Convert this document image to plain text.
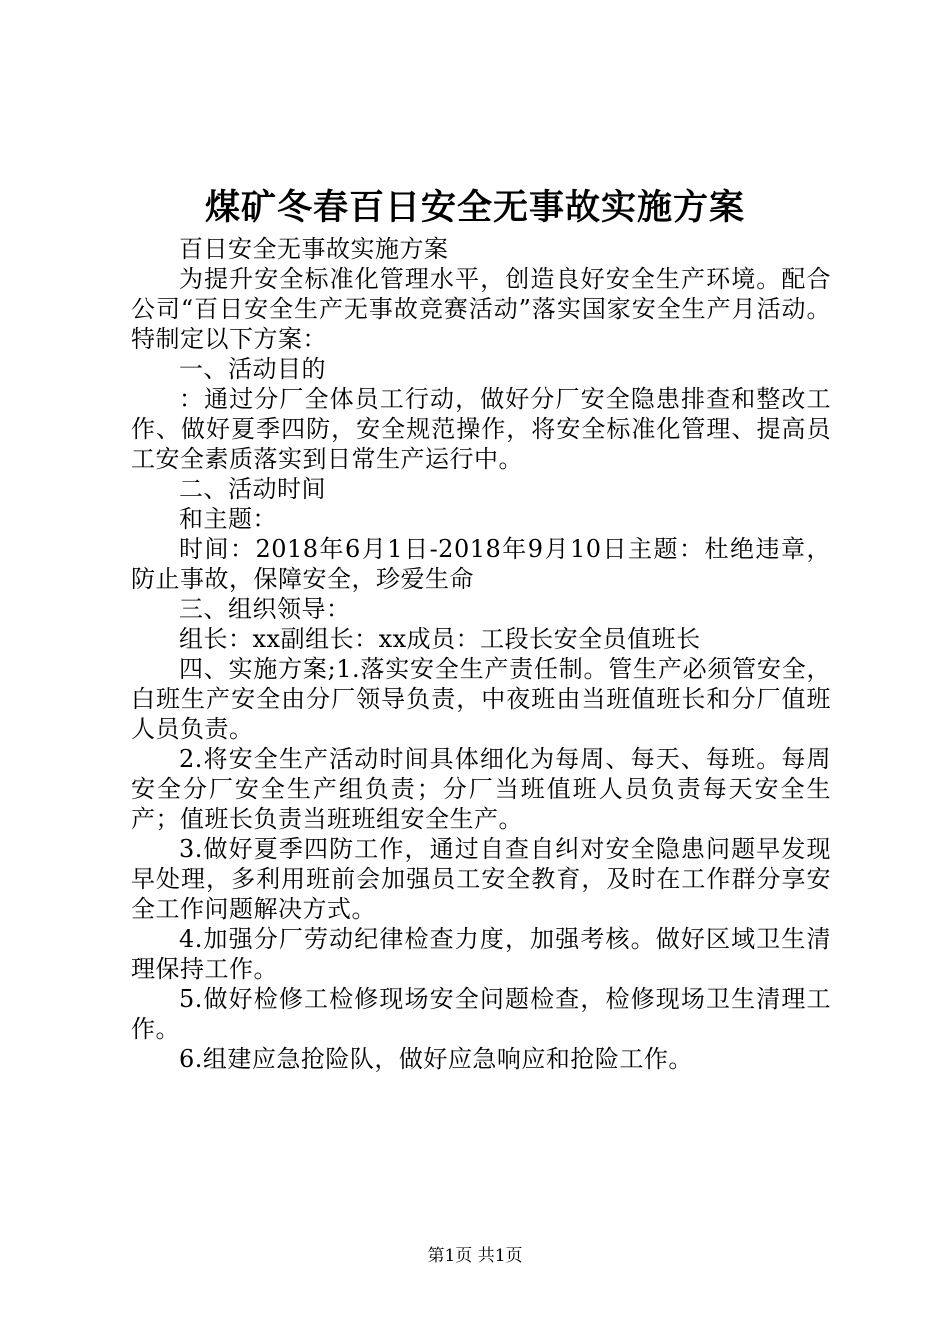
煤矿冬春百日安全无事故实施方案

百日安全无事故实施方案

为提升安全标准化管理水平，创造良好安全生产环境。配合公司“百日安全生产无事故竞赛活动”落实国家安全生产月活动。特制定以下方案：

一、活动目的

：通过分厂全体员工行动，做好分厂安全隐患排查和整改工作、做好夏季四防，安全规范操作，将安全标准化管理、提高员工安全素质落实到日常生产运行中。

二、活动时间

和主题：

时间：2018年6月1日-2018年9月10日主题：杜绝违章，防止事故，保障安全，珍爱生命

三、组织领导：

组长：xx副组长：xx成员：工段长安全员值班长

四、实施方案;1.落实安全生产责任制。管生产必须管安全，白班生产安全由分厂领导负责，中夜班由当班值班长和分厂值班人员负责。

2.将安全生产活动时间具体细化为每周、每天、每班。每周安全分厂安全生产组负责；分厂当班值班人员负责每天安全生产；值班长负责当班班组安全生产。

3.做好夏季四防工作，通过自查自纠对安全隐患问题早发现早处理，多利用班前会加强员工安全教育，及时在工作群分享安全工作问题解决方式。

4.加强分厂劳动纪律检查力度，加强考核。做好区域卫生清理保持工作。

5.做好检修工检修现场安全问题检查，检修现场卫生清理工作。

6.组建应急抢险队，做好应急响应和抢险工作。

第1页 共1页
